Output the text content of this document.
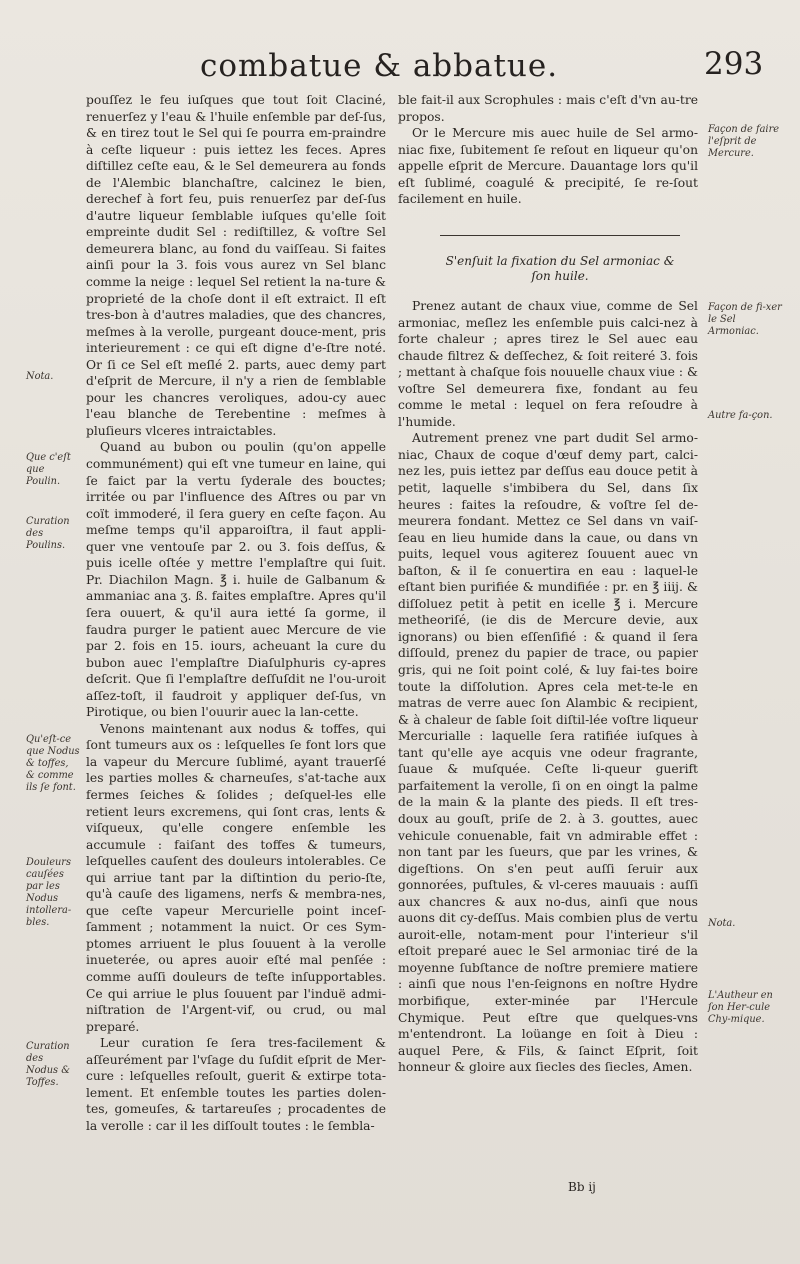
combatue & abbatue.	293

pouſſez le feu iuſques que tout ſoit Claciné, renuerſez y l'eau & l'huile enſemble par deſ-ſus, & en tirez tout le Sel qui ſe pourra em-praindre à ceſte liqueur : puis iettez les feces. Apres diſtillez ceſte eau, & le Sel demeurera au fonds de l'Alembic blanchaſtre, calcinez le bien, derechef à fort feu, puis renuerſez par deſ-ſus d'autre liqueur ſemblable iuſques qu'elle ſoit empreinte dudit Sel : rediſtillez, & voſtre Sel demeurera blanc, au fond du vaiſſeau. Si faites ainſi pour la 3. fois vous aurez vn Sel blanc comme la neige : lequel Sel retient la na-ture & proprieté de la choſe dont il eſt extraict. Il eſt tres-bon à d'autres maladies, que des chancres, meſmes à la verolle, purgeant douce-ment, pris interieurement : ce qui eſt digne d'e-ſtre noté. Or ſi ce Sel eſt meſlé 2. parts, auec demy part d'eſprit de Mercure, il n'y a rien de ſemblable pour les chancres veroliques, adou-cy auec l'eau blanche de Terebentine : meſmes à pluſieurs vlceres intraictables.

Quand au bubon ou poulin (qu'on appelle communément) qui eſt vne tumeur en laine, qui ſe faict par la vertu ſyderale des bouctes; irritée ou par l'influence des Aſtres ou par vn coït immoderé, il ſera guery en ceſte façon. Au meſme temps qu'il apparoiſtra, il faut appli-quer vne ventouſe par 2. ou 3. fois deſſus, & puis icelle oſtée y mettre l'emplaſtre qui ſuit. Pr. Diachilon Magn. ℥ i. huile de Galbanum & ammaniac ana ʒ. ß. faites emplaſtre. Apres qu'il ſera ouuert, & qu'il aura ietté ſa gorme, il faudra purger le patient auec Mercure de vie par 2. fois en 15. iours, acheuant la cure du bubon auec l'emplaſtre Diaſulphuris cy-apres deſcrit. Que ſi l'emplaſtre deſſuſdit ne l'ou-uroit aſſez-toſt, il faudroit y appliquer deſ-ſus, vn Pirotique, ou bien l'ouurir auec la lan-cette.

Venons maintenant aux nodus & toffes, qui ſont tumeurs aux os : leſquelles ſe font lors que la vapeur du Mercure ſublimé, ayant trauerſé les parties molles & charneuſes, s'at-tache aux fermes ſeiches & ſolides ; deſquel-les elle retient leurs excremens, qui ſont cras, lents & viſqueux, qu'elle congere enſemble les accumule : faiſant des toffes & tumeurs, leſquelles cauſent des douleurs intolerables. Ce qui arriue tant par la diſtintion du perio-ſte, qu'à cauſe des ligamens, nerfs & membra-nes, que ceſte vapeur Mercurielle point inceſ-ſamment ; notamment la nuict. Or ces Sym-ptomes arriuent le plus ſouuent à la verolle inueterée, ou apres auoir eſté mal penſée : comme auſſi douleurs de teſte inſupportables. Ce qui arriue le plus ſouuent par l'induë admi-niſtration de l'Argent-vif, ou crud, ou mal preparé.

Leur curation ſe ſera tres-facilement & aſſeurément par l'vſage du ſuſdit eſprit de Mer-cure : leſquelles reſoult, guerit & extirpe tota-lement. Et enſemble toutes les parties dolen-tes, gomeuſes, & tartareuſes ; procadentes de la verolle : car il les diſſoult toutes : le ſembla-

Nota.
Que c'eſt que Poulin.
Curation des Poulins.
Qu'eſt-ce que Nodus & toffes, & comme ils ſe font.
Douleurs cauſées par les Nodus intollera-bles.
Curation des Nodus & Toffes.

ble fait-il aux Scrophules : mais c'eſt d'vn au-tre propos.

Or le Mercure mis auec huile de Sel armo-niac fixe, ſubitement ſe reſout en liqueur qu'on appelle eſprit de Mercure. Dauantage lors qu'il eſt ſublimé, coagulé & precipité, ſe re-ſout facilement en huile.

S'enſuit la fixation du Sel armoniac & ſon huile.

Prenez autant de chaux viue, comme de Sel armoniac, meſlez les enſemble puis calci-nez à forte chaleur ; apres tirez le Sel auec eau chaude filtrez & deſſechez, & ſoit reiteré 3. fois ; mettant à chaſque fois nouuelle chaux viue : & voſtre Sel demeurera fixe, fondant au feu comme le metal : lequel on fera reſoudre à l'humide.

Autrement prenez vne part dudit Sel armo-niac, Chaux de coque d'œuf demy part, calci-nez les, puis iettez par deſſus eau douce petit à petit, laquelle s'imbibera du Sel, dans ſix heures : faites la reſoudre, & voſtre ſel de-meurera fondant. Mettez ce Sel dans vn vaiſ-ſeau en lieu humide dans la caue, ou dans vn puits, lequel vous agiterez ſouuent auec vn baſton, & il ſe conuertira en eau : laquel-le eſtant bien purifiée & mundifiée : pr. en ℥ iiij. & diſſoluez petit à petit en icelle ℥ i. Mercure metheoriſé, (ie dis de Mercure devie, aux ignorans) ou bien eſſenſifié : & quand il ſera diſſould, prenez du papier de trace, ou papier gris, qui ne ſoit point colé, & luy fai-tes boire toute la diſſolution. Apres cela met-te-le en matras de verre auec ſon Alambic & recipient, & à chaleur de ſable ſoit diſtil-lée voſtre liqueur Mercurialle : laquelle ſera ratifiée iuſques à tant qu'elle aye acquis vne odeur fragrante, ſuaue & muſquée. Ceſte li-queur guerift parfaitement la verolle, ſi on en oingt la palme de la main & la plante des pieds. Il eſt tres-doux au gouſt, priſe de 2. à 3. gouttes, auec vehicule conuenable, fait vn admirable effet : non tant par les ſueurs, que par les vrines, & digeſtions. On s'en peut auſſi ſeruir aux gonnorées, puſtules, & vl-ceres mauuais : auſſi aux chancres & aux no-dus, ainſi que nous auons dit cy-deſſus. Mais combien plus de vertu auroit-elle, notam-ment pour l'interieur s'il eſtoit preparé auec le Sel armoniac tiré de la moyenne ſubſtance de noſtre premiere matiere : ainſi que nous l'en-ſeignons en noſtre Hydre morbifique, exter-minée par l'Hercule Chymique. Peut eſtre que quelques-vns m'entendront. La loüange en ſoit à Dieu : auquel Pere, & Fils, & ſainct Eſprit, ſoit honneur & gloire aux ſiecles des ſiecles, Amen.

Façon de faire l'eſprit de Mercure.
Façon de fi-xer le Sel Armoniac.
Autre fa-çon.
Nota.
L'Autheur en ſon Her-cule Chy-mique.
Bb ij
